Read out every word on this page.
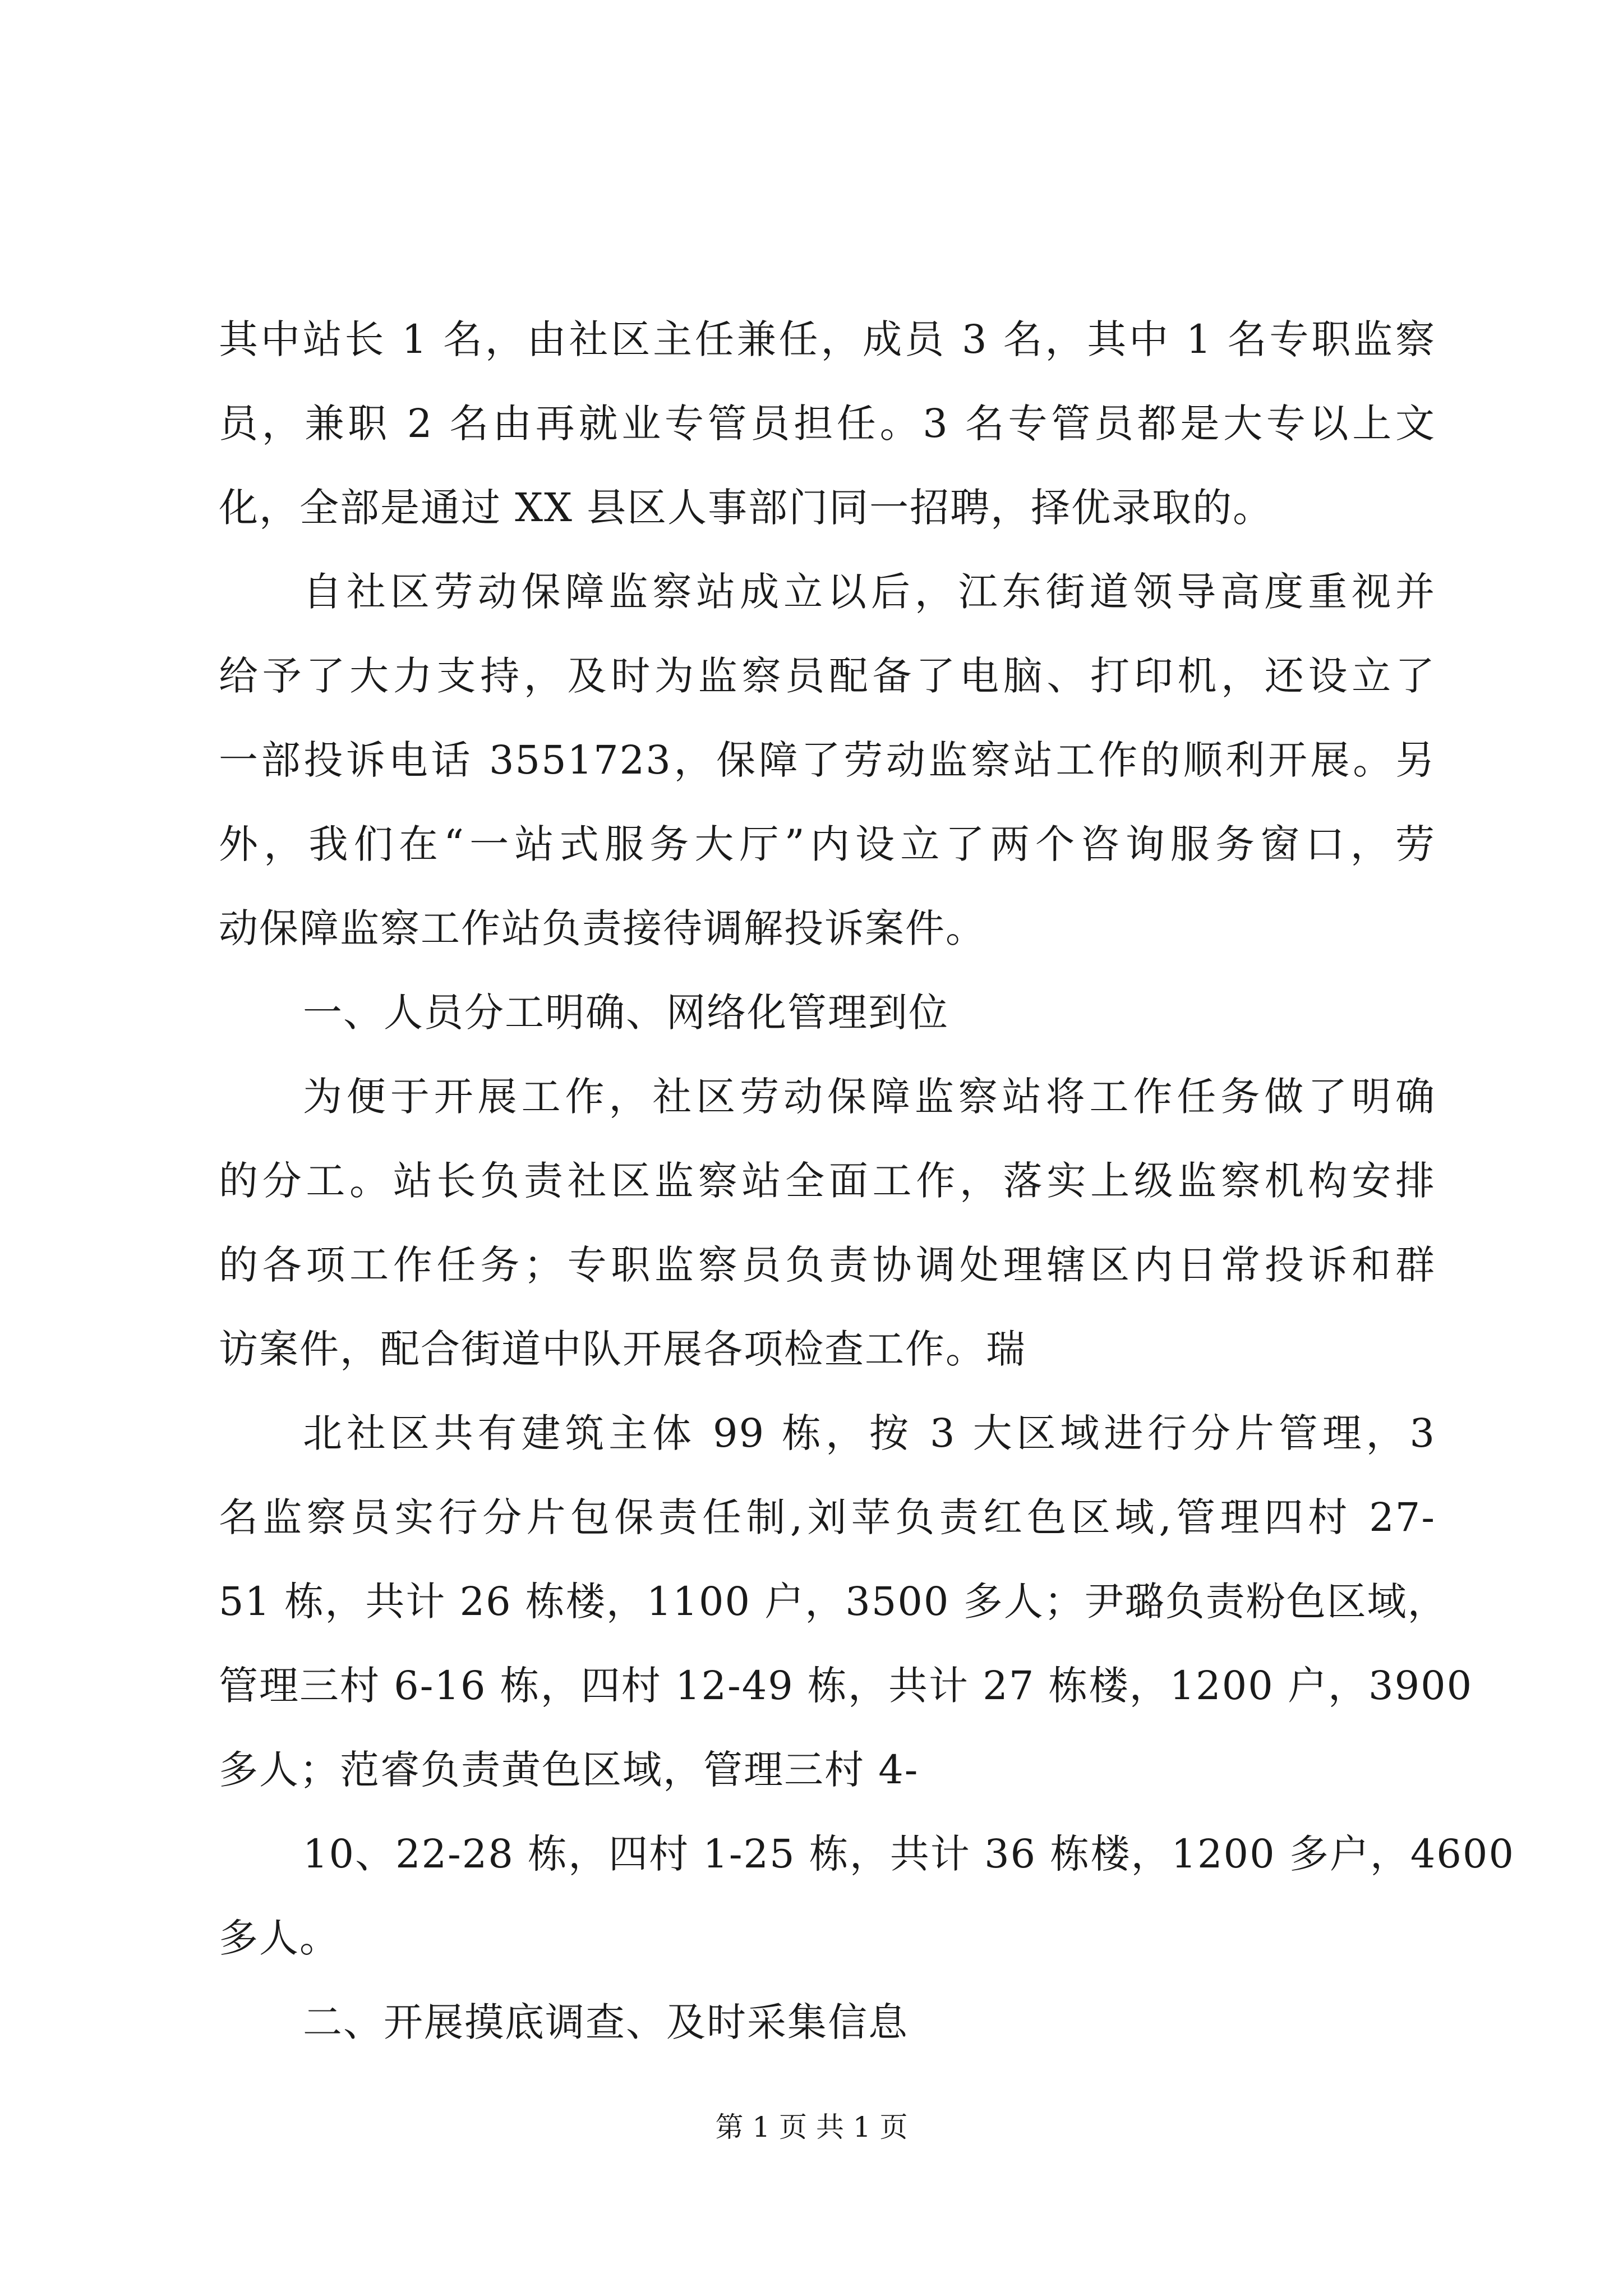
其中站长 1 名，由社区主任兼任，成员 3 名，其中 1 名专职监察
员，兼职 2 名由再就业专管员担任。3 名专管员都是大专以上文
化，全部是通过 XX 县区人事部门同一招聘，择优录取的。
自社区劳动保障监察站成立以后，江东街道领导高度重视并
给予了大力支持，及时为监察员配备了电脑、打印机，还设立了
一部投诉电话 3551723，保障了劳动监察站工作的顺利开展。另
外，我们在“一站式服务大厅”内设立了两个咨询服务窗口，劳
动保障监察工作站负责接待调解投诉案件。
一、人员分工明确、网络化管理到位
为便于开展工作，社区劳动保障监察站将工作任务做了明确
的分工。站长负责社区监察站全面工作，落实上级监察机构安排
的各项工作任务；专职监察员负责协调处理辖区内日常投诉和群
访案件，配合街道中队开展各项检查工作。瑞
北社区共有建筑主体 99 栋，按 3 大区域进行分片管理，3
名监察员实行分片包保责任制,刘苹负责红色区域,管理四村 27-
51 栋，共计 26 栋楼，1100 户，3500 多人；尹璐负责粉色区域，
管理三村 6-16 栋，四村 12-49 栋，共计 27 栋楼，1200 户，3900
多人；范睿负责黄色区域，管理三村 4-
10、22-28 栋，四村 1-25 栋，共计 36 栋楼，1200 多户，4600
多人。
二、开展摸底调查、及时采集信息
第 1 页 共 1 页
